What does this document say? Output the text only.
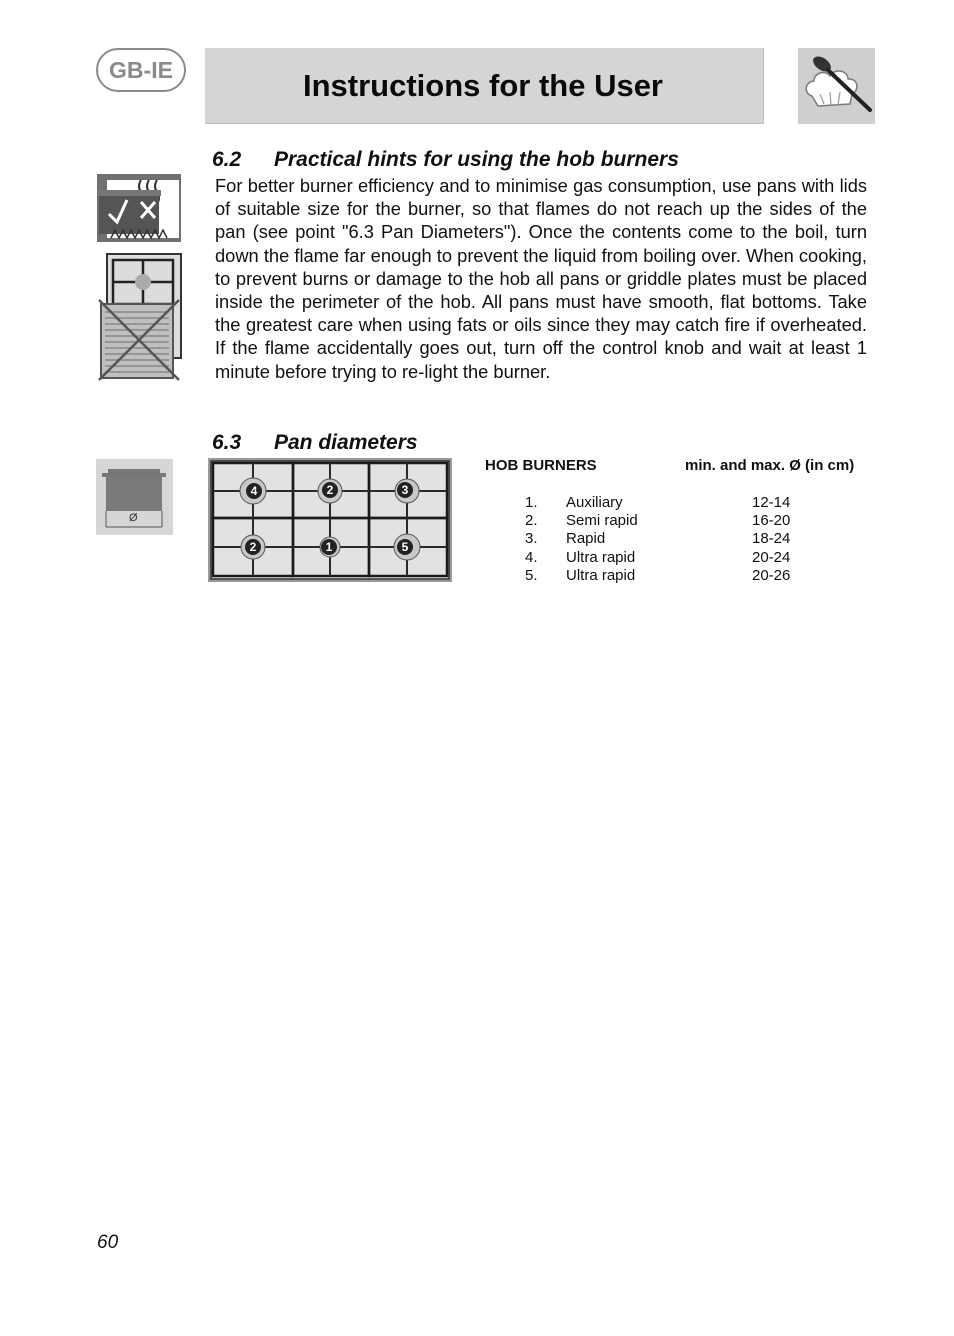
GB-IE	Instructions for the User
6.2 Practical hints for using the hob burners
For better burner efficiency and to minimise gas consumption, use pans with lids of suitable size for the burner, so that flames do not reach up the sides of the pan (see point "6.3 Pan Diameters"). Once the contents come to the boil, turn down the flame far enough to prevent the liquid from boiling over. When cooking, to prevent burns or damage to the hob all pans or griddle plates must be placed inside the perimeter of the hob. All pans must have smooth, flat bottoms. Take the greatest care when using fats or oils since they may catch fire if overheated. If the flame accidentally goes out, turn off the control knob and wait at least 1 minute before trying to re-light the burner.
6.3 Pan diameters
Ø
4	2	3
2	1	5
HOB BURNERS	min. and max. Ø (in cm)
1. Auxiliary	12-14
2. Semi rapid	16-20
3. Rapid	18-24
4. Ultra rapid	20-24
5. Ultra rapid	20-26
60
